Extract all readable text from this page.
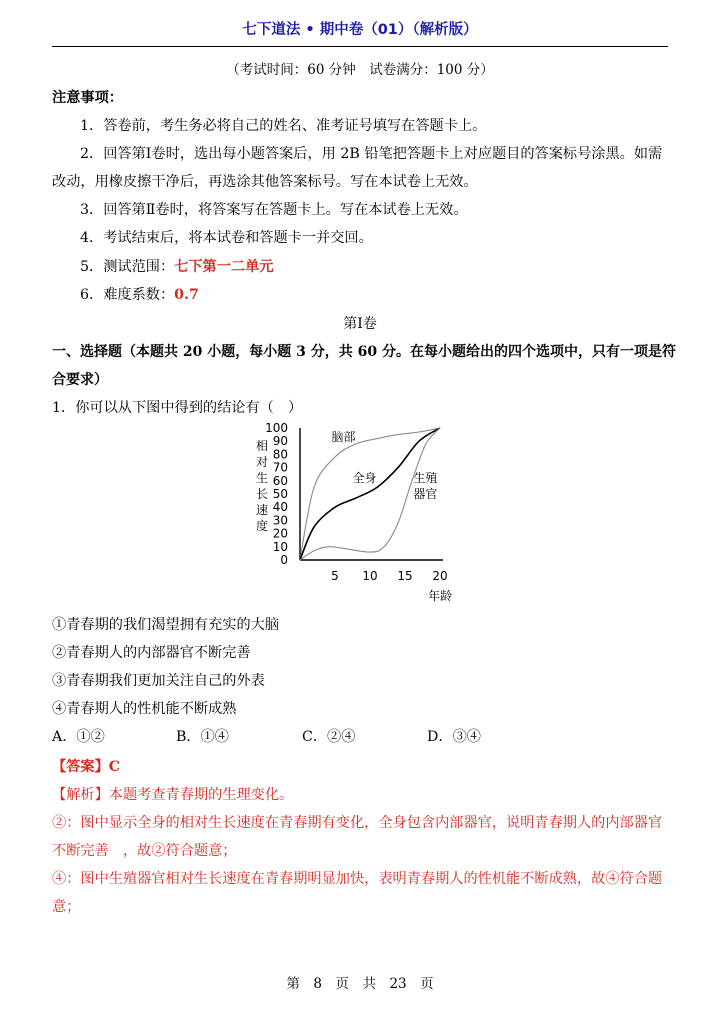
七下道法 • 期中卷（01）（解析版）
（考试时间：60 分钟　试卷满分：100 分）
注意事项：
1．答卷前，考生务必将自己的姓名、准考证号填写在答题卡上。
2．回答第Ⅰ卷时，选出每小题答案后，用 2B 铅笔把答题卡上对应题目的答案标号涂黑。如需
改动，用橡皮擦干净后，再选涂其他答案标号。写在本试卷上无效。
3．回答第Ⅱ卷时，将答案写在答题卡上。写在本试卷上无效。
4．考试结束后，将本试卷和答题卡一并交回。
5．测试范围：七下第一二单元
6．难度系数：0.7
第Ⅰ卷
一、选择题（本题共 20 小题，每小题 3 分，共 60 分。在每小题给出的四个选项中，只有一项是符
合要求）
1．你可以从下图中得到的结论有（　）
100
90
80
70
60
50
40
30
20
10
0
5 10 15 20
年龄
相对生长速度
脑部
全身	生殖器官
①青春期的我们渴望拥有充实的大脑
②青春期人的内部器官不断完善
③青春期我们更加关注自己的外表
④青春期人的性机能不断成熟
A．①②	B．①④	C．②④	D．③④
【答案】C
【解析】本题考查青春期的生理变化。
②：图中显示全身的相对生长速度在青春期有变化，全身包含内部器官，说明青春期人的内部器官
不断完善　，故②符合题意；
④：图中生殖器官相对生长速度在青春期明显加快，表明青春期人的性机能不断成熟，故④符合题
意；
第　8　页　共　23　页
